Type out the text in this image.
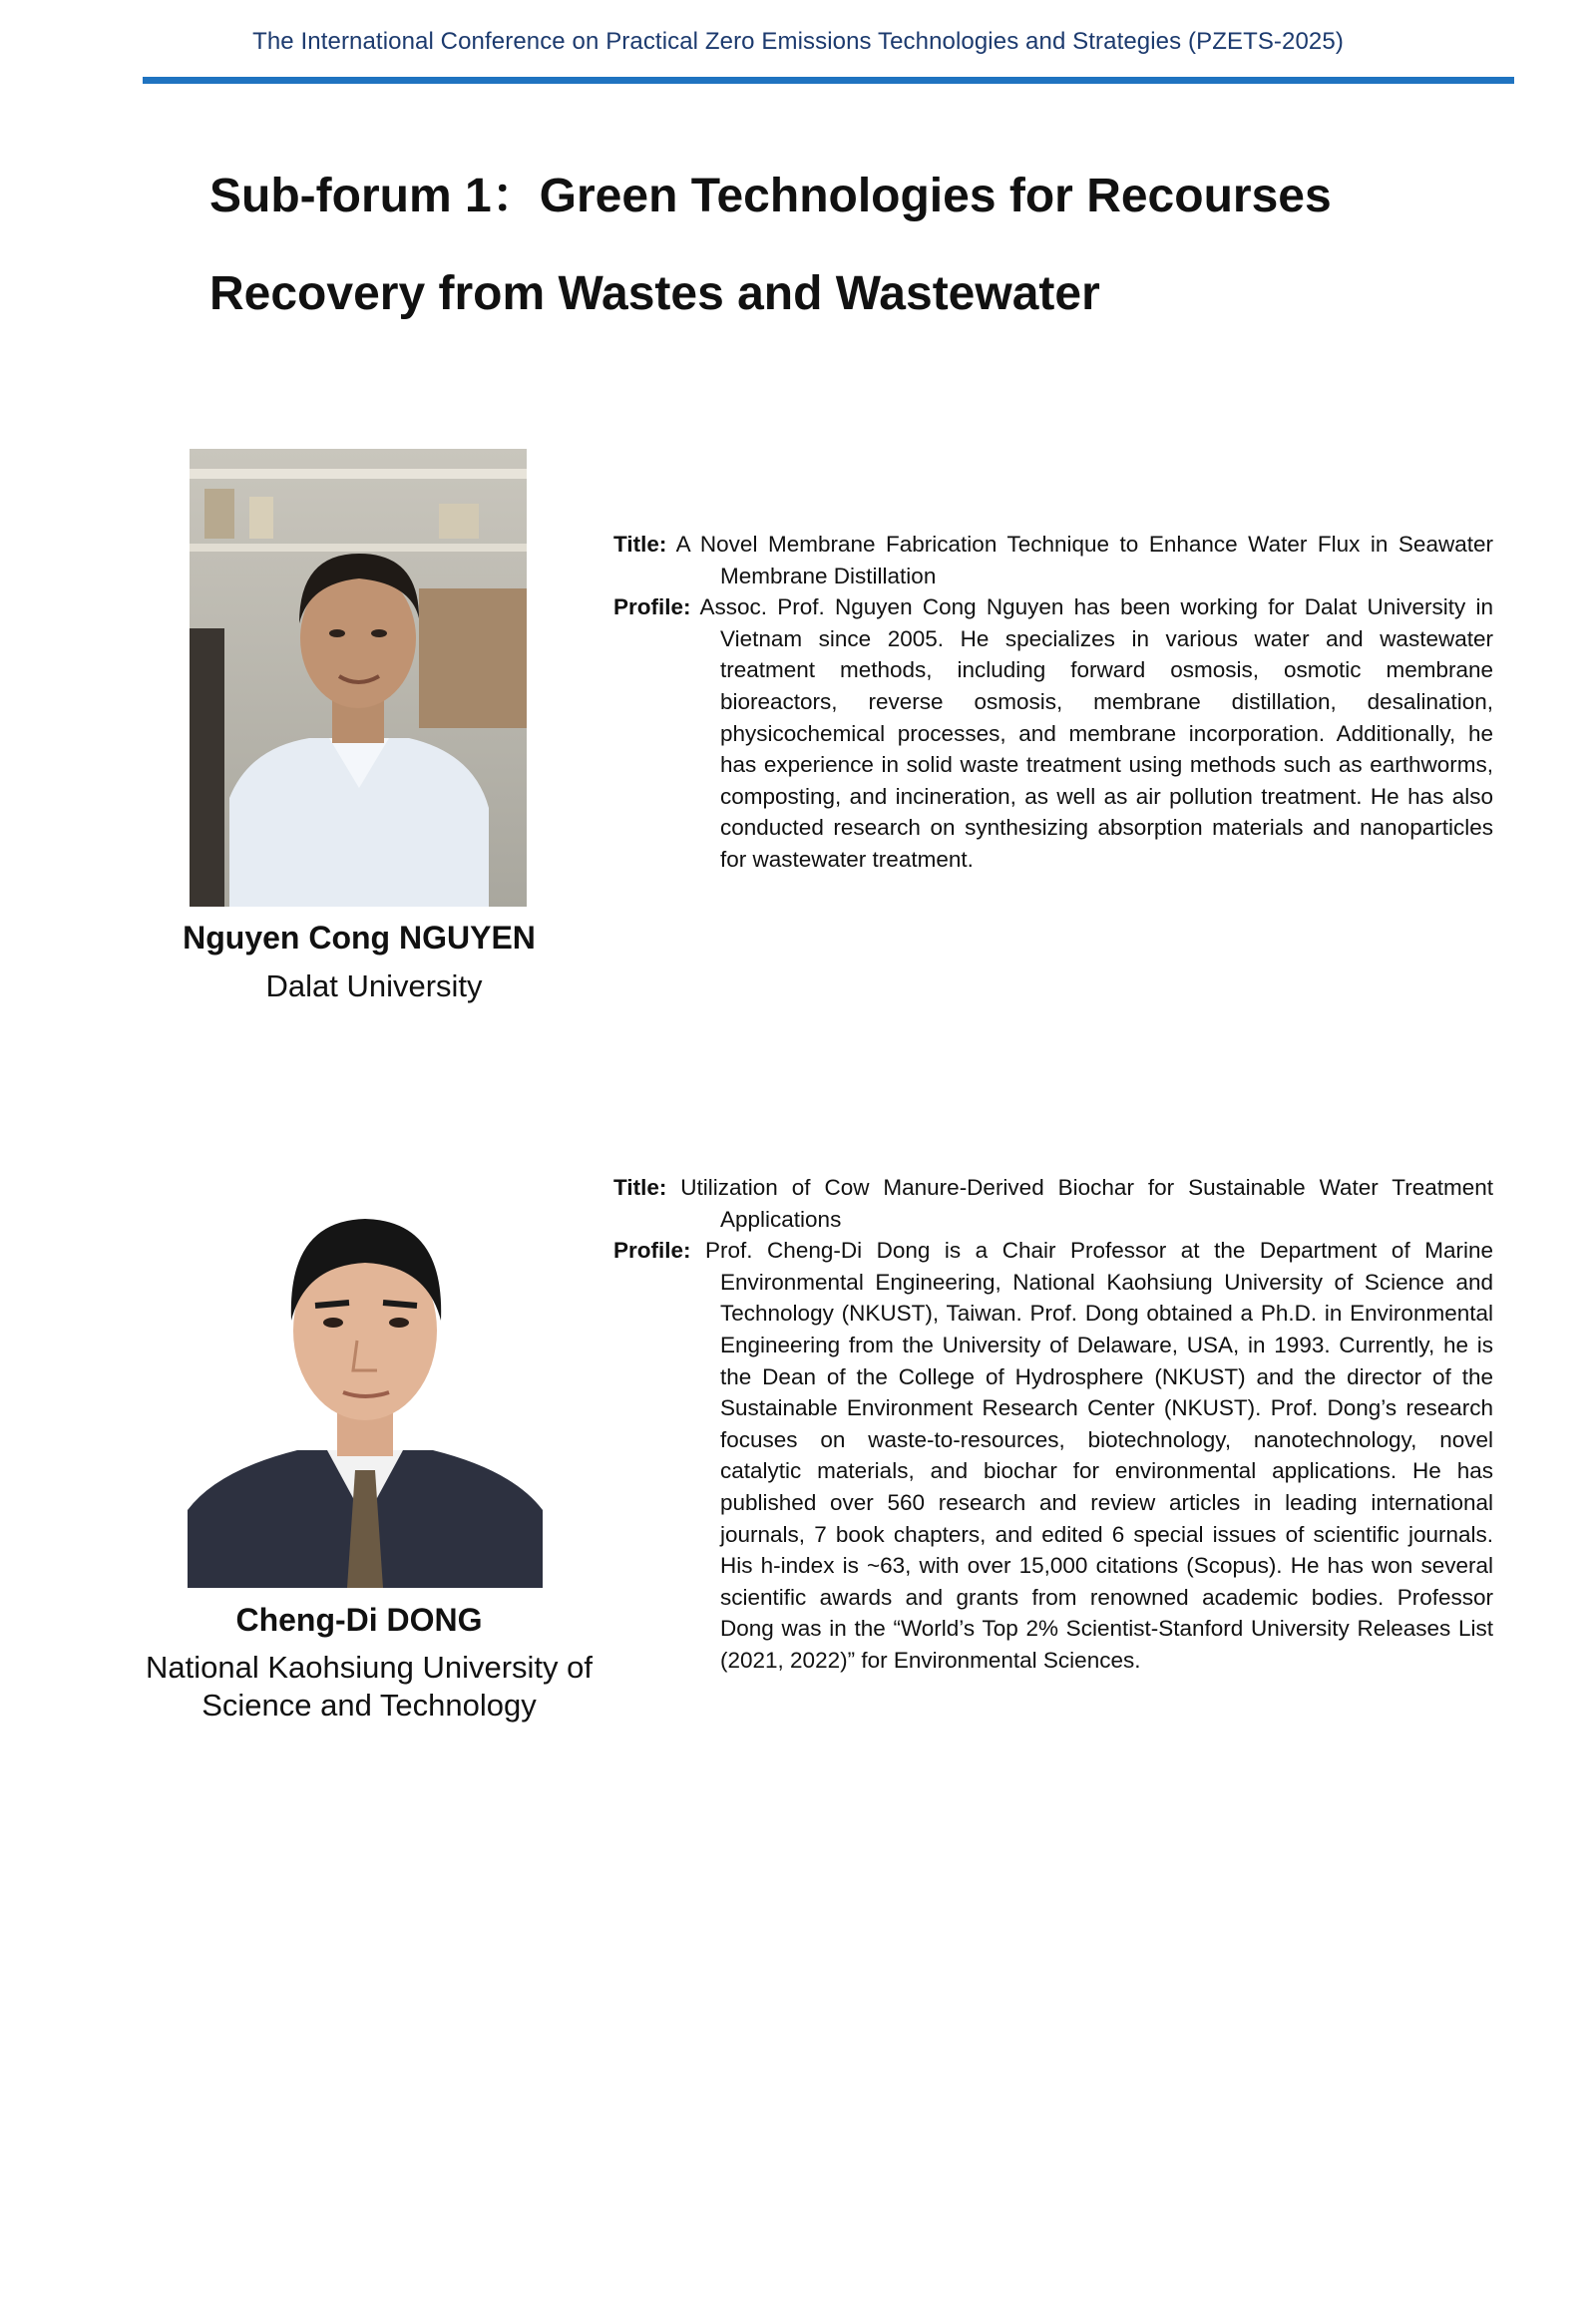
The International Conference on Practical Zero Emissions Technologies and Strategies (PZETS-2025)
Sub-forum 1：Green Technologies for Recourses Recovery from Wastes and Wastewater
Nguyen Cong NGUYEN
Dalat University
Title: A Novel Membrane Fabrication Technique to Enhance Water Flux in Seawater Membrane Distillation
Profile: Assoc. Prof. Nguyen Cong Nguyen has been working for Dalat University in Vietnam since 2005. He specializes in various water and wastewater treatment methods, including forward osmosis, osmotic membrane bioreactors, reverse osmosis, membrane distillation, desalination, physicochemical processes, and membrane incorporation. Additionally, he has experience in solid waste treatment using methods such as earthworms, composting, and incineration, as well as air pollution treatment. He has also conducted research on synthesizing absorption materials and nanoparticles for wastewater treatment.
Cheng-Di DONG
National Kaohsiung University of Science and Technology
Title: Utilization of Cow Manure-Derived Biochar for Sustainable Water Treatment Applications
Profile: Prof. Cheng-Di Dong is a Chair Professor at the Department of Marine Environmental Engineering, National Kaohsiung University of Science and Technology (NKUST), Taiwan. Prof. Dong obtained a Ph.D. in Environmental Engineering from the University of Delaware, USA, in 1993. Currently, he is the Dean of the College of Hydrosphere (NKUST) and the director of the Sustainable Environment Research Center (NKUST). Prof. Dong’s research focuses on waste-to-resources, biotechnology, nanotechnology, novel catalytic materials, and biochar for environmental applications. He has published over 560 research and review articles in leading international journals, 7 book chapters, and edited 6 special issues of scientific journals. His h-index is ~63, with over 15,000 citations (Scopus). He has won several scientific awards and grants from renowned academic bodies. Professor Dong was in the “World’s Top 2% Scientist-Stanford University Releases List (2021, 2022)” for Environmental Sciences.
